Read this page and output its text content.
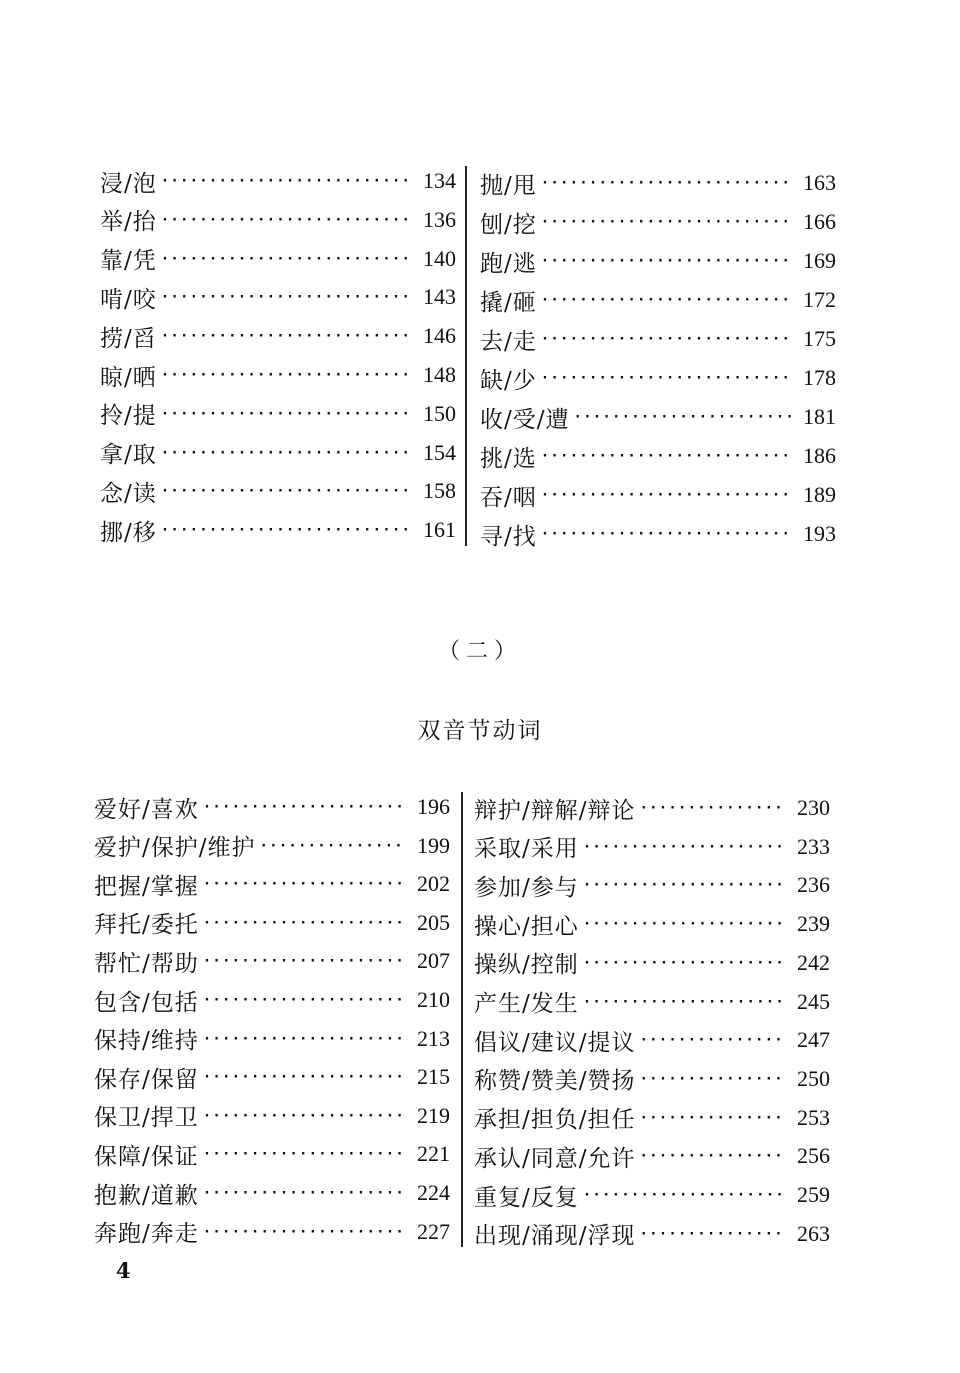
浸/泡 ·····	134
举/抬 ·····	136
靠/凭 ·····	140
啃/咬 ·····	143
捞/舀 ·····	146
晾/晒 ·····	148
拎/提 ·····	150
拿/取 ·····	154
念/读 ·····	158
挪/移 ·····	161
抛/甩 ·····	163
刨/挖 ·····	166
跑/逃 ·····	169
撬/砸 ·····	172
去/走 ·····	175
缺/少 ·····	178
收/受/遭 ·····	181
挑/选 ·····	186
吞/咽 ·····	189
寻/找 ·····	193
（二）
双音节动词
爱好/喜欢 ·····	196
爱护/保护/维护 ·····	199
把握/掌握 ·····	202
拜托/委托 ·····	205
帮忙/帮助 ·····	207
包含/包括 ·····	210
保持/维持 ·····	213
保存/保留 ·····	215
保卫/捍卫 ·····	219
保障/保证 ·····	221
抱歉/道歉 ·····	224
奔跑/奔走 ·····	227
辩护/辩解/辩论 ·····	230
采取/采用 ·····	233
参加/参与 ·····	236
操心/担心 ·····	239
操纵/控制 ·····	242
产生/发生 ·····	245
倡议/建议/提议 ·····	247
称赞/赞美/赞扬 ·····	250
承担/担负/担任 ·····	253
承认/同意/允许 ·····	256
重复/反复 ·····	259
出现/涌现/浮现 ·····	263
4
